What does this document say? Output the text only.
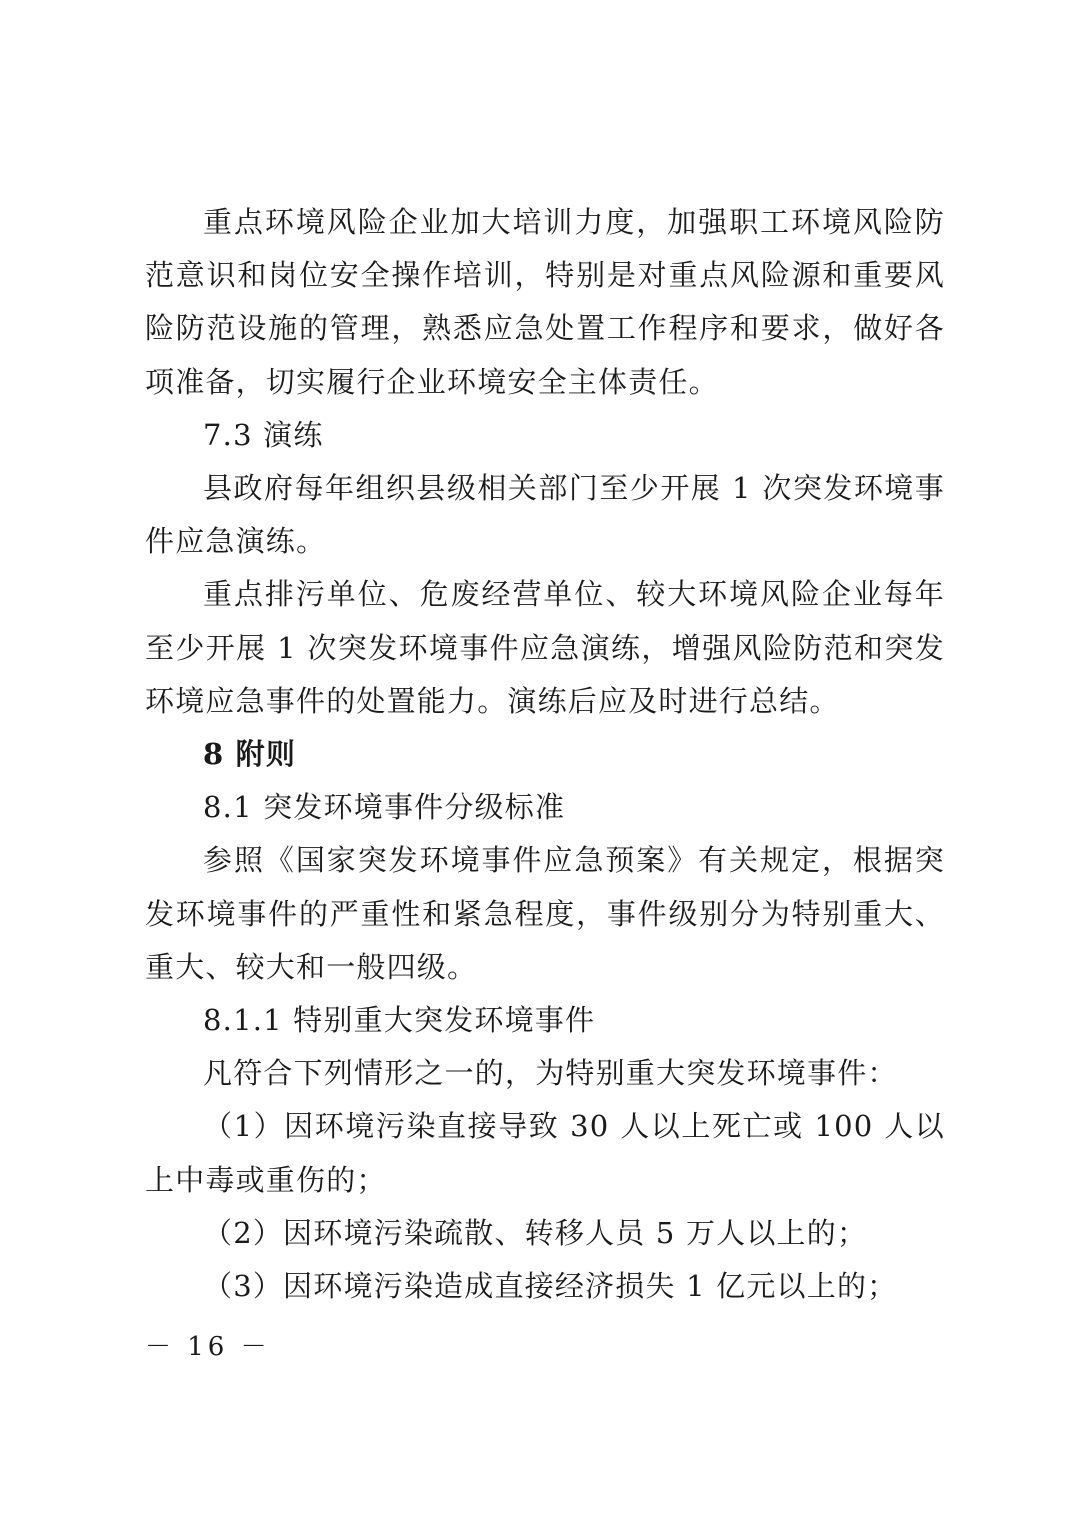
重点环境风险企业加大培训力度，加强职工环境风险防范意识和岗位安全操作培训，特别是对重点风险源和重要风险防范设施的管理，熟悉应急处置工作程序和要求，做好各项准备，切实履行企业环境安全主体责任。

7.3 演练

县政府每年组织县级相关部门至少开展 1 次突发环境事件应急演练。

重点排污单位、危废经营单位、较大环境风险企业每年至少开展 1 次突发环境事件应急演练，增强风险防范和突发环境应急事件的处置能力。演练后应及时进行总结。

8 附则

8.1 突发环境事件分级标准

参照《国家突发环境事件应急预案》有关规定，根据突发环境事件的严重性和紧急程度，事件级别分为特别重大、重大、较大和一般四级。

8.1.1 特别重大突发环境事件

凡符合下列情形之一的，为特别重大突发环境事件：

（1）因环境污染直接导致 30 人以上死亡或 100 人以上中毒或重伤的；

（2）因环境污染疏散、转移人员 5 万人以上的；

（3）因环境污染造成直接经济损失 1 亿元以上的；

－ 16 －
